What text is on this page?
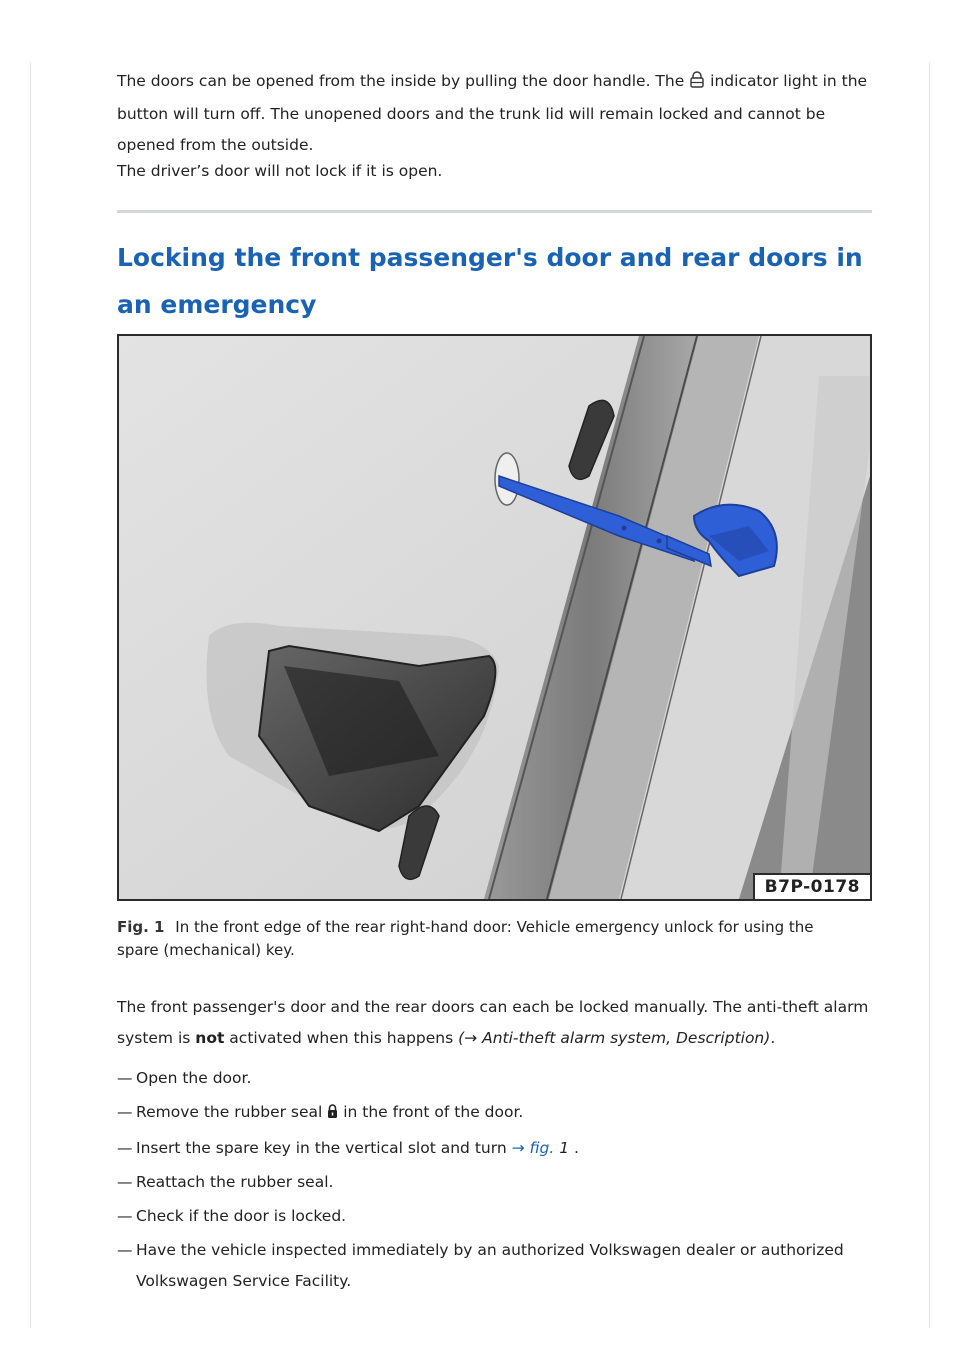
The doors can be opened from the inside by pulling the door handle. The indicator light in the button will turn off. The unopened doors and the trunk lid will remain locked and cannot be opened from the outside.

The driver’s door will not lock if it is open.

Locking the front passenger's door and rear doors in an emergency
B7P-0178
Fig. 1 In the front edge of the rear right-hand door: Vehicle emergency unlock for using the spare (mechanical) key.

The front passenger's door and the rear doors can each be locked manually. The anti-theft alarm system is not activated when this happens (→ Anti-theft alarm system, Description).

— Open the door.
— Remove the rubber seal in the front of the door.
— Insert the spare key in the vertical slot and turn → fig. 1 .
— Reattach the rubber seal.
— Check if the door is locked.
— Have the vehicle inspected immediately by an authorized Volkswagen dealer or authorized Volkswagen Service Facility.
